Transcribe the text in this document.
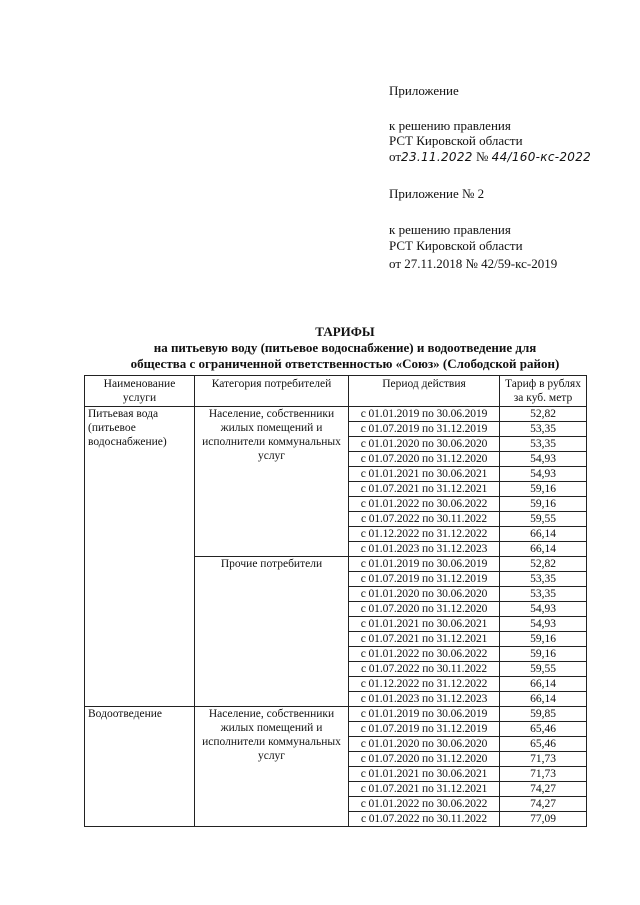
Приложение
к решению правления
РСТ Кировской области
от23.11.2022 № 44/160-кс-2022
Приложение № 2
к решению правления
РСТ Кировской области
от 27.11.2018 № 42/59-кс-2019
ТАРИФЫ
на питьевую воду (питьевое водоснабжение) и водоотведение для
общества с ограниченной ответственностью «Союз» (Слободской район)
Наименование услуги	Категория потребителей	Период действия	Тариф в рублях за куб. метр
Питьевая вода (питьевое водоснабжение)	Население, собственники жилых помещений и исполнители коммунальных услуг	с 01.01.2019 по 30.06.2019	52,82
		с 01.07.2019 по 31.12.2019	53,35
		с 01.01.2020 по 30.06.2020	53,35
		с 01.07.2020 по 31.12.2020	54,93
		с 01.01.2021 по 30.06.2021	54,93
		с 01.07.2021 по 31.12.2021	59,16
		с 01.01.2022 по 30.06.2022	59,16
		с 01.07.2022 по 30.11.2022	59,55
		с 01.12.2022 по 31.12.2022	66,14
		с 01.01.2023 по 31.12.2023	66,14
	Прочие потребители	с 01.01.2019 по 30.06.2019	52,82
		с 01.07.2019 по 31.12.2019	53,35
		с 01.01.2020 по 30.06.2020	53,35
		с 01.07.2020 по 31.12.2020	54,93
		с 01.01.2021 по 30.06.2021	54,93
		с 01.07.2021 по 31.12.2021	59,16
		с 01.01.2022 по 30.06.2022	59,16
		с 01.07.2022 по 30.11.2022	59,55
		с 01.12.2022 по 31.12.2022	66,14
		с 01.01.2023 по 31.12.2023	66,14
Водоотведение	Население, собственники жилых помещений и исполнители коммунальных услуг	с 01.01.2019 по 30.06.2019	59,85
		с 01.07.2019 по 31.12.2019	65,46
		с 01.01.2020 по 30.06.2020	65,46
		с 01.07.2020 по 31.12.2020	71,73
		с 01.01.2021 по 30.06.2021	71,73
		с 01.07.2021 по 31.12.2021	74,27
		с 01.01.2022 по 30.06.2022	74,27
		с 01.07.2022 по 30.11.2022	77,09
